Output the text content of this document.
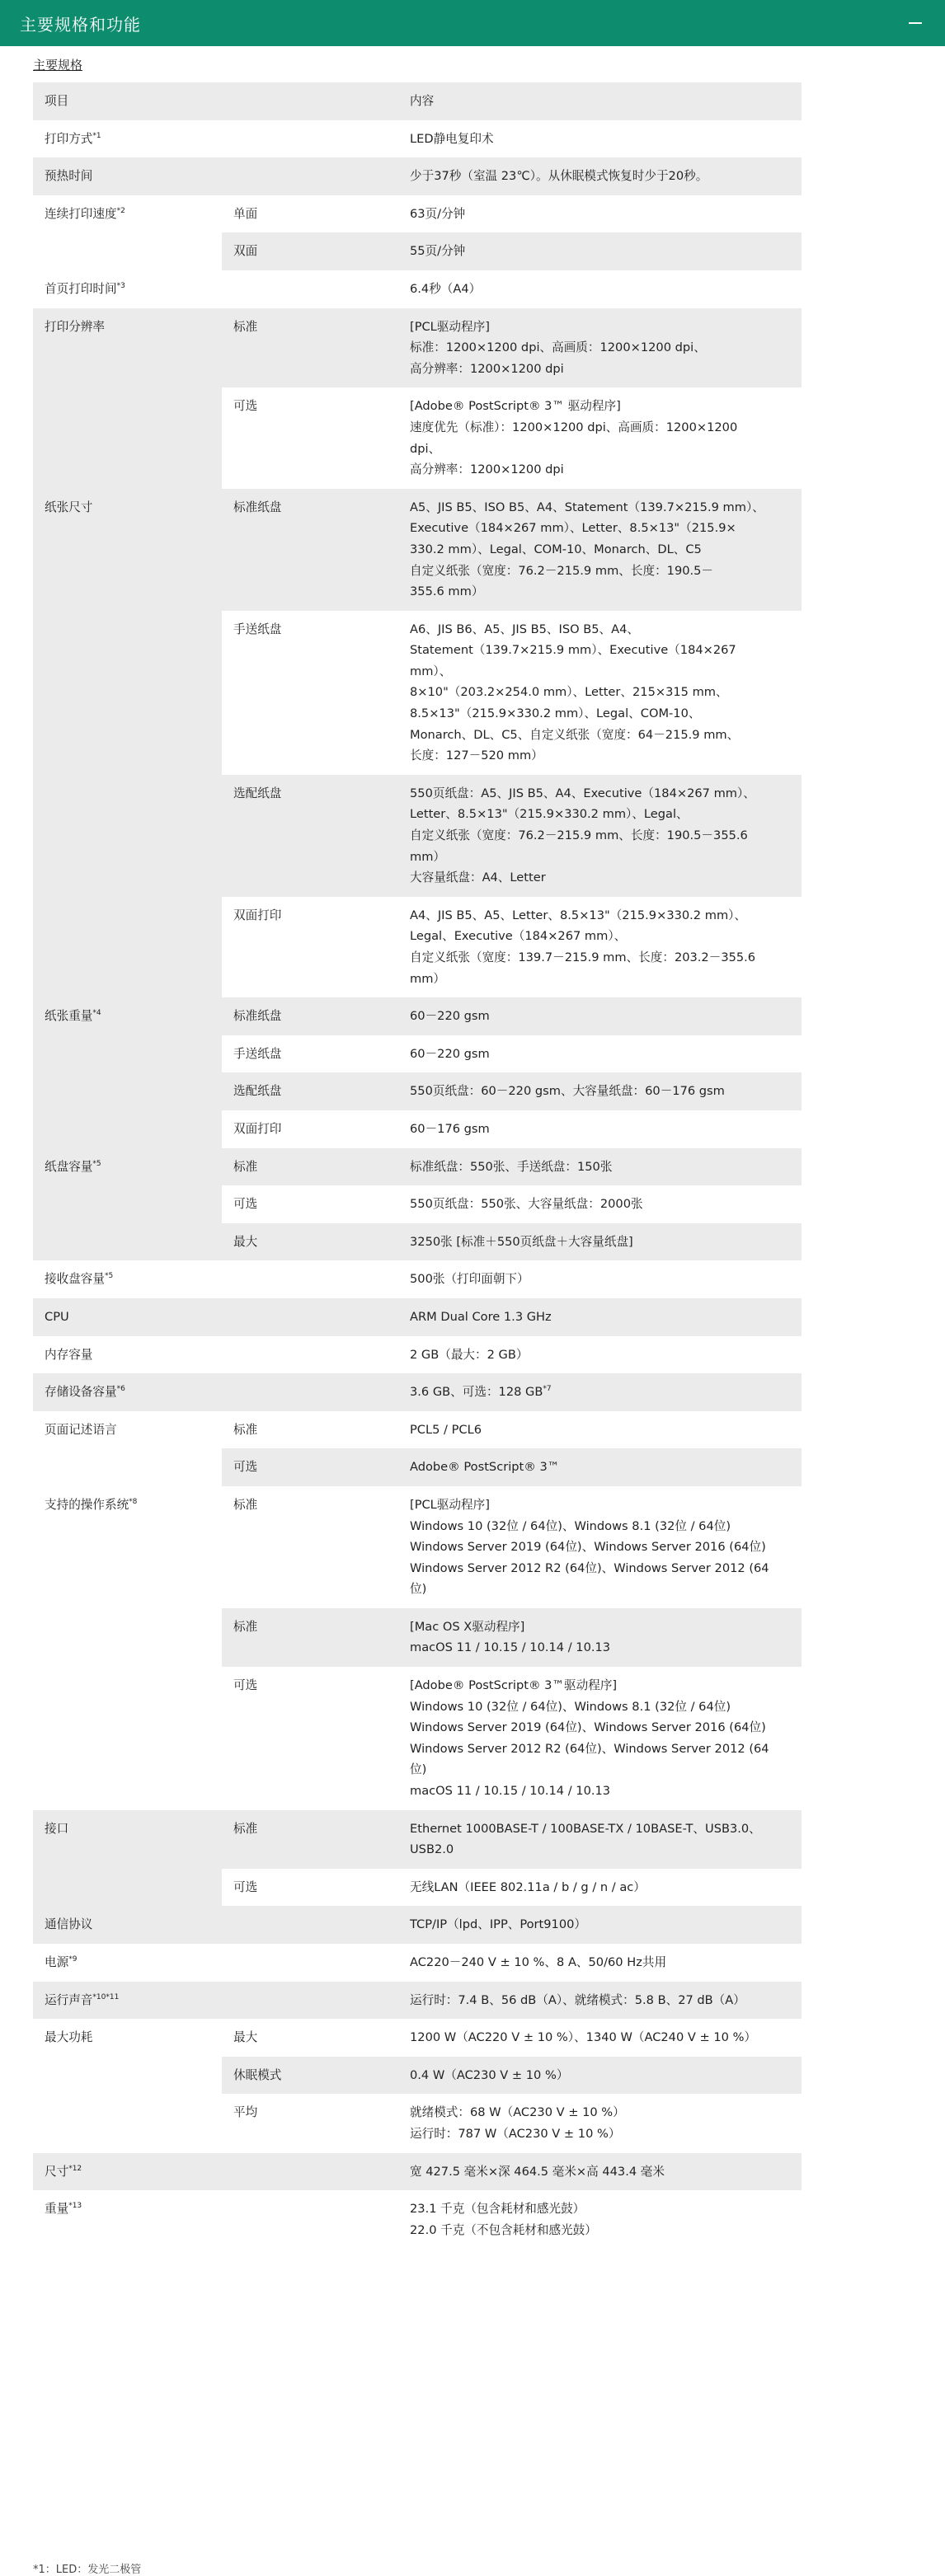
主要规格和功能
主要规格
项目	内容
打印方式$^{*1}$	LED静电复印术
预热时间	少于37秒（室温 23℃）。从休眠模式恢复时少于20秒。
连续打印速度$^{*2}$	单面	63页/分钟
双面	55页/分钟
首页打印时间$^{*3}$	6.4秒（A4）
打印分辨率	标准	[PCL驱动程序]
标准：1200×1200 dpi、高画质：1200×1200 dpi、
高分辨率：1200×1200 dpi
可选	[Adobe® PostScript® 3™ 驱动程序]
速度优先（标准）：1200×1200 dpi、高画质：1200×1200
dpi、
高分辨率：1200×1200 dpi
纸张尺寸	标准纸盘	A5、JIS B5、ISO B5、A4、Statement（139.7×215.9 mm）、
Executive（184×267 mm）、Letter、8.5×13"（215.9×
330.2 mm）、Legal、COM-10、Monarch、DL、C5
自定义纸张（宽度：76.2－215.9 mm、长度：190.5－
355.6 mm）
手送纸盘	A6、JIS B6、A5、JIS B5、ISO B5、A4、
Statement（139.7×215.9 mm）、Executive（184×267
mm）、
8×10"（203.2×254.0 mm）、Letter、215×315 mm、
8.5×13"（215.9×330.2 mm）、Legal、COM-10、
Monarch、DL、C5、自定义纸张（宽度：64－215.9 mm、
长度：127－520 mm）
选配纸盘	550页纸盘：A5、JIS B5、A4、Executive（184×267 mm）、
Letter、8.5×13"（215.9×330.2 mm）、Legal、
自定义纸张（宽度：76.2－215.9 mm、长度：190.5－355.6
mm）
大容量纸盘：A4、Letter
双面打印	A4、JIS B5、A5、Letter、8.5×13"（215.9×330.2 mm）、
Legal、Executive（184×267 mm）、
自定义纸张（宽度：139.7－215.9 mm、长度：203.2－355.6
mm）
纸张重量$^{*4}$	标准纸盘	60－220 gsm
手送纸盘	60－220 gsm
选配纸盘	550页纸盘：60－220 gsm、大容量纸盘：60－176 gsm
双面打印	60－176 gsm
纸盘容量$^{*5}$	标准	标准纸盘：550张、手送纸盘：150张
可选	550页纸盘：550张、大容量纸盘：2000张
最大	3250张 [标准＋550页纸盘＋大容量纸盘]
接收盘容量$^{*5}$	500张（打印面朝下）
CPU	ARM Dual Core 1.3 GHz
内存容量	2 GB（最大：2 GB）
存储设备容量$^{*6}$	3.6 GB、可选：128 GB$^{*7}$
页面记述语言	标准	PCL5 / PCL6
可选	Adobe® PostScript® 3™
支持的操作系统$^{*8}$	标准	[PCL驱动程序]
Windows 10 (32位 / 64位)、Windows 8.1 (32位 / 64位)
Windows Server 2019 (64位)、Windows Server 2016 (64位)
Windows Server 2012 R2 (64位)、Windows Server 2012 (64
位)
标准	[Mac OS X驱动程序]
macOS 11 / 10.15 / 10.14 / 10.13
可选	[Adobe® PostScript® 3™驱动程序]
Windows 10 (32位 / 64位)、Windows 8.1 (32位 / 64位)
Windows Server 2019 (64位)、Windows Server 2016 (64位)
Windows Server 2012 R2 (64位)、Windows Server 2012 (64
位)
macOS 11 / 10.15 / 10.14 / 10.13
接口	标准	Ethernet 1000BASE-T / 100BASE-TX / 10BASE-T、USB3.0、
USB2.0
可选	无线LAN（IEEE 802.11a / b / g / n / ac）
通信协议	TCP/IP（lpd、IPP、Port9100）
电源$^{*9}$	AC220－240 V ± 10 %、8 A、50/60 Hz共用
运行声音$^{*10*11}$	运行时：7.4 B、56 dB（A）、就绪模式：5.8 B、27 dB（A）
最大功耗	最大	1200 W（AC220 V ± 10 %）、1340 W（AC240 V ± 10 %）
休眠模式	0.4 W（AC230 V ± 10 %）
平均	就绪模式：68 W（AC230 V ± 10 %）
运行时：787 W（AC230 V ± 10 %）
尺寸$^{*12}$	宽 427.5 毫米×深 464.5 毫米×高 443.4 毫米
重量$^{*13}$	23.1 千克（包含耗材和感光鼓）
22.0 千克（不包含耗材和感光鼓）
*1：LED：发光二极管
